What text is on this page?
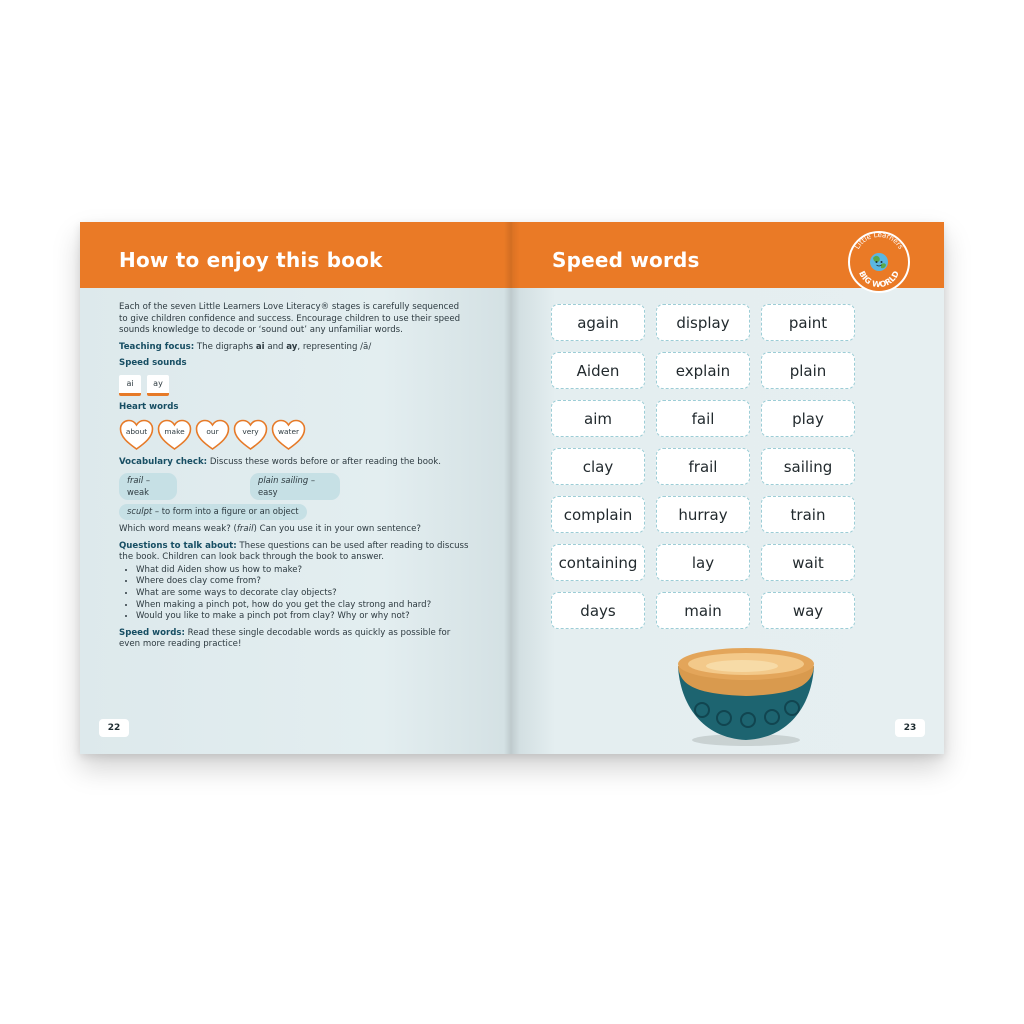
How to enjoy this book

Each of the seven Little Learners Love Literacy® stages is carefully sequenced to give children confidence and success. Encourage children to use their speed sounds knowledge to decode or ‘sound out’ any unfamiliar words.

Teaching focus: The digraphs ai and ay, representing /ā/

Speed sounds
ai	ay
Heart words
about	make	our	very	water

Vocabulary check: Discuss these words before or after reading the book.

frail – weak
plain sailing – easy
sculpt – to form into a figure or an object

Which word means weak? (frail) Can you use it in your own sentence?

Questions to talk about: These questions can be used after reading to discuss the book. Children can look back through the book to answer.

• What did Aiden show us how to make?
• Where does clay come from?
• What are some ways to decorate clay objects?
• When making a pinch pot, how do you get the clay strong and hard?
• Would you like to make a pinch pot from clay? Why or why not?

Speed words: Read these single decodable words as quickly as possible for even more reading practice!

22
Speed words
Little Learners
BIG WORLD
again	display	paint
Aiden	explain	plain
aim	fail	play
clay	frail	sailing
complain	hurray	train
containing	lay	wait
days	main	way
23
